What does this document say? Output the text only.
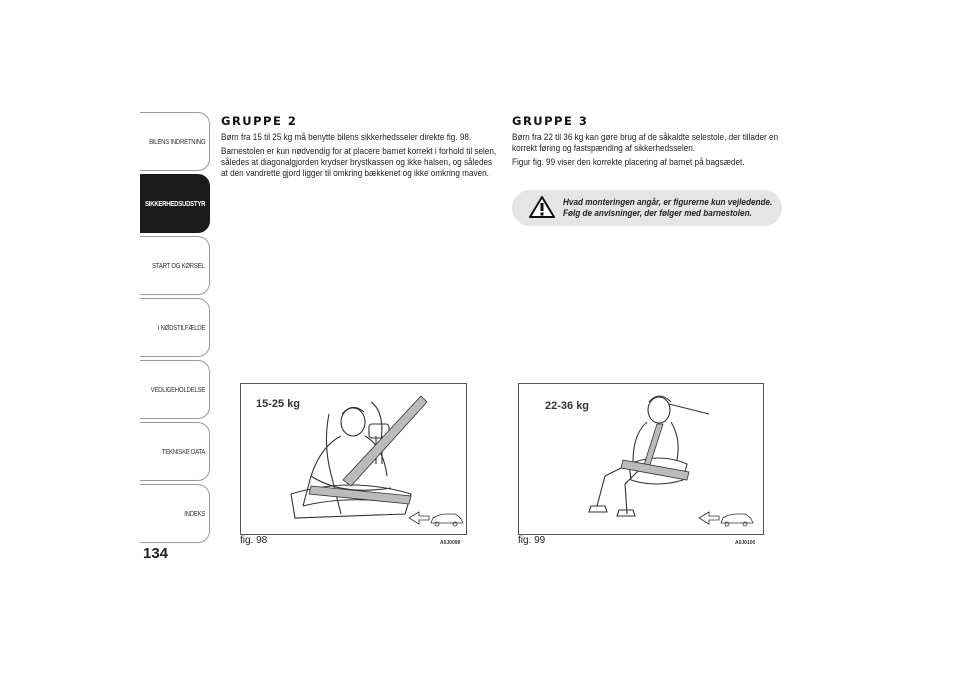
BILENS INDRETNING
SIKKERHEDSUDSTYR
START OG KØRSEL
I NØDSTILFÆLDE
VEDLIGEHOLDELSE
TEKNISKE DATA
INDEKS
134
GRUPPE 2

Børn fra 15 til 25 kg må benytte bilens sikkerhedsseler direkte fig. 98.

Barnestolen er kun nødvendig for at placere barnet korrekt i forhold til selen, således at diagonalgjorden krydser brystkassen og ikke halsen, og således at den vandrette gjord ligger til omkring bækkenet og ikke omkring maven.

GRUPPE 3

Børn fra 22 til 36 kg kan gøre brug af de såkaldte selestole, der tillader en korrekt føring og fastspænding af sikkerhedsselen.

Figur fig. 99 viser den korrekte placering af barnet på bagsædet.

Hvad monteringen angår, er figurerne kun vejledende. Følg de anvisninger, der følger med barnestolen.
15-25 kg
fig. 98	A0J0099
22-36 kg
fig. 99	A0J0100
